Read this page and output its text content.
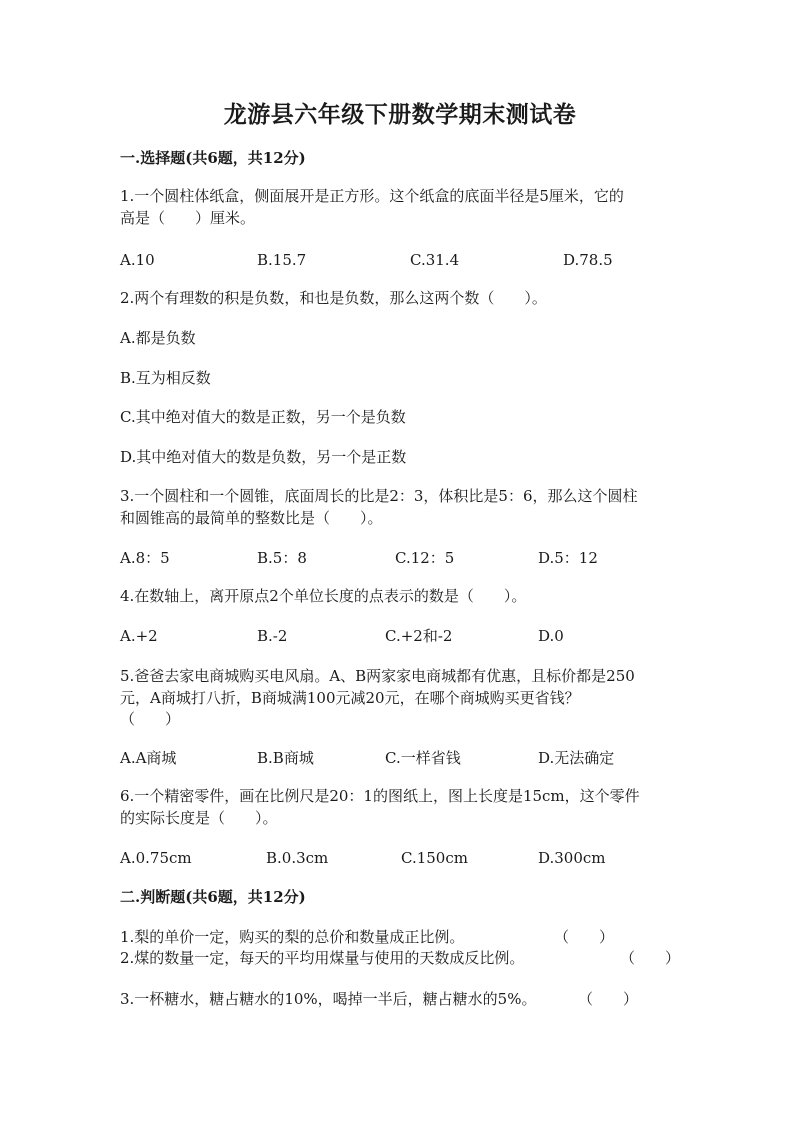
龙游县六年级下册数学期末测试卷
一.选择题(共6题，共12分)
1.一个圆柱体纸盒，侧面展开是正方形。这个纸盒的底面半径是5厘米，它的
高是（　　）厘米。
A.10	B.15.7	C.31.4	D.78.5
2.两个有理数的积是负数，和也是负数，那么这两个数（　　）。
A.都是负数
B.互为相反数
C.其中绝对值大的数是正数，另一个是负数
D.其中绝对值大的数是负数，另一个是正数
3.一个圆柱和一个圆锥，底面周长的比是2：3，体积比是5：6，那么这个圆柱
和圆锥高的最简单的整数比是（　　）。
A.8：5	B.5：8	C.12：5	D.5：12
4.在数轴上，离开原点2个单位长度的点表示的数是（　　）。
A.+2	B.-2	C.+2和-2	D.0
5.爸爸去家电商城购买电风扇。A、B两家家电商城都有优惠，且标价都是250
元，A商城打八折，B商城满100元减20元，在哪个商城购买更省钱？
（　　）
A.A商城	B.B商城	C.一样省钱	D.无法确定
6.一个精密零件，画在比例尺是20：1的图纸上，图上长度是15cm，这个零件
的实际长度是（　　）。
A.0.75cm	B.0.3cm	C.150cm	D.300cm
二.判断题(共6题，共12分)
1.梨的单价一定，购买的梨的总价和数量成正比例。	（　　）
2.煤的数量一定，每天的平均用煤量与使用的天数成反比例。	（　　）
3.一杯糖水，糖占糖水的10%，喝掉一半后，糖占糖水的5%。	（　　）
